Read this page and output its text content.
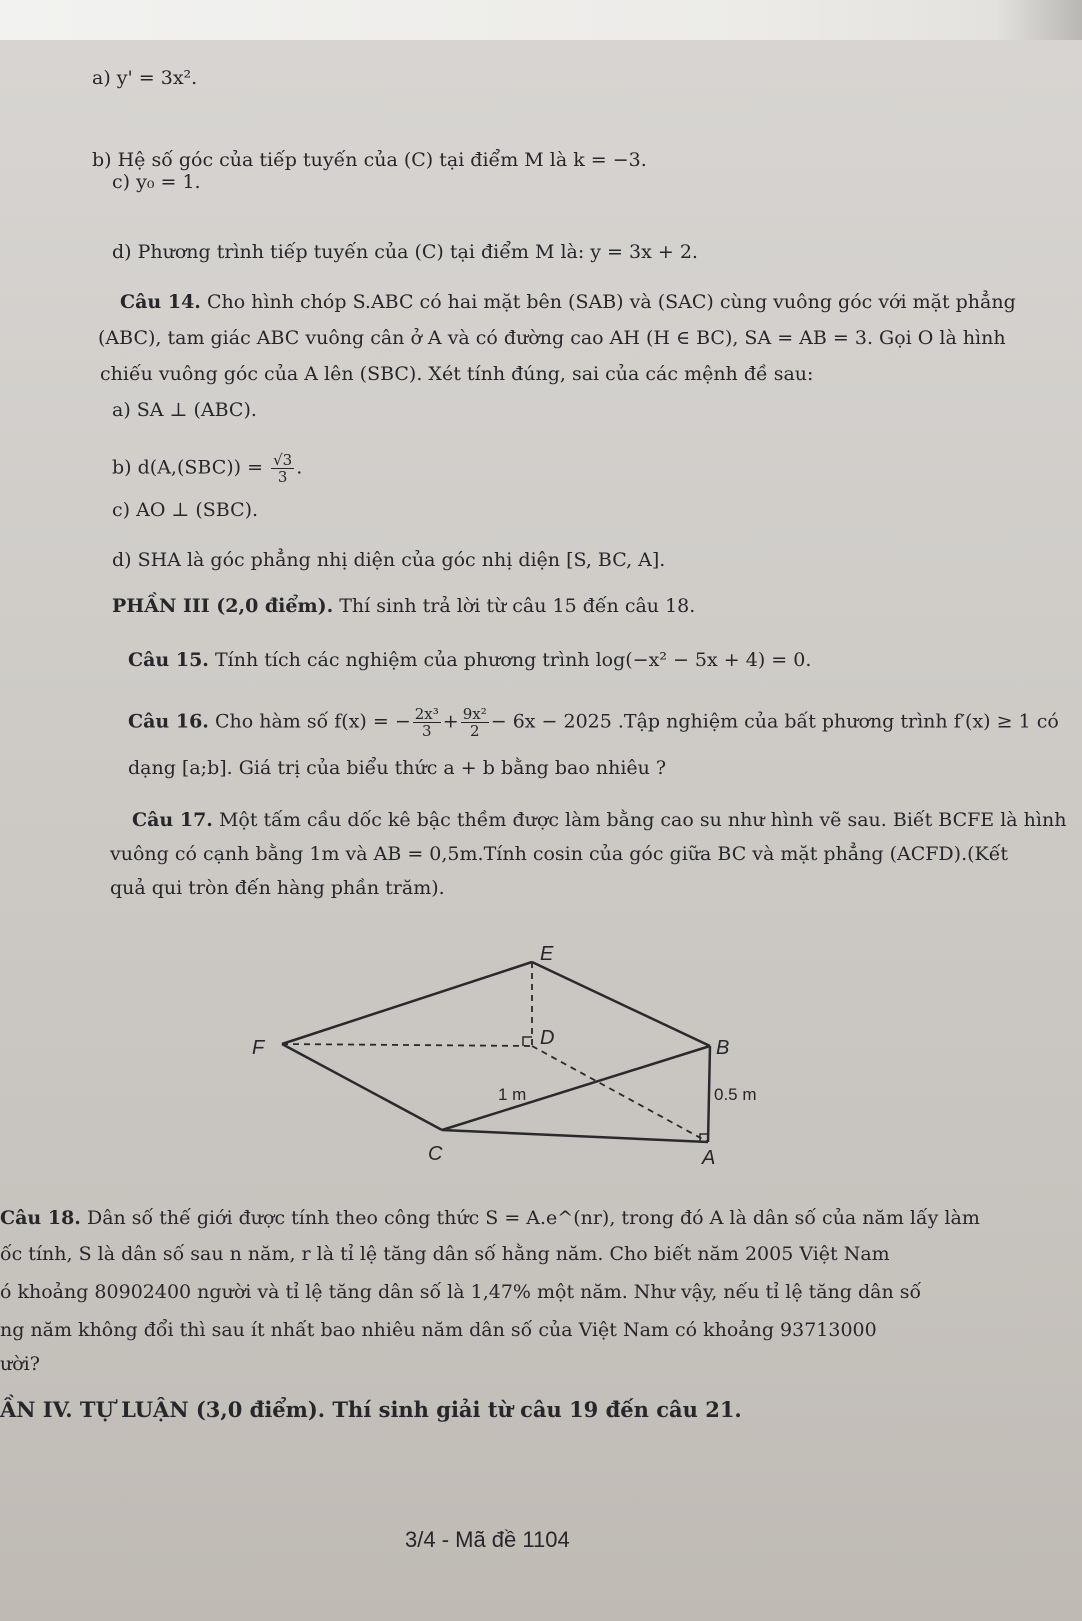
a) y' = 3x².
b) Hệ số góc của tiếp tuyến của (C) tại điểm M là k = −3.
c) y₀ = 1.
d) Phương trình tiếp tuyến của (C) tại điểm M là: y = 3x + 2.
Câu 14. Cho hình chóp S.ABC có hai mặt bên (SAB) và (SAC) cùng vuông góc với mặt phẳng
(ABC), tam giác ABC vuông cân ở A và có đường cao AH (H ∈ BC), SA = AB = 3. Gọi O là hình
chiếu vuông góc của A lên (SBC). Xét tính đúng, sai của các mệnh đề sau:
a) SA ⊥ (ABC).
b) $d(A,(SBC)) = \frac{√3}{3}$ .
c) AO ⊥ (SBC).
d) SHA là góc phẳng nhị diện của góc nhị diện [S, BC, A].
PHẦN III (2,0 điểm). Thí sinh trả lời từ câu 15 đến câu 18.
Câu 15. Tính tích các nghiệm của phương trình log(−x² − 5x + 4) = 0.
Câu 16. Cho hàm số f(x) = − $\frac{\text{2x³}}{3} + \frac{\text{9x²}}{2} - 6x - 2025$ .Tập nghiệm của bất phương trình f′(x) ≥ 1 có
dạng [a;b]. Giá trị của biểu thức a + b bằng bao nhiêu ?
Câu 17. Một tấm cầu dốc kê bậc thềm được làm bằng cao su như hình vẽ sau. Biết BCFE là hình
vuông có cạnh bằng 1m và AB = 0,5m.Tính cosin của góc giữa BC và mặt phẳng (ACFD).(Kết
quả qui tròn đến hàng phần trăm).
E
F	D	B
C	A
1 m	0.5 m
Câu 18. Dân số thế giới được tính theo công thức S = A.e^(nr), trong đó A là dân số của năm lấy làm
ốc tính, S là dân số sau n năm, r là tỉ lệ tăng dân số hằng năm. Cho biết năm 2005 Việt Nam
ó khoảng 80902400 người và tỉ lệ tăng dân số là 1,47% một năm. Như vậy, nếu tỉ lệ tăng dân số
ng năm không đổi thì sau ít nhất bao nhiêu năm dân số của Việt Nam có khoảng 93713000
ười?
ẦN IV. TỰ LUẬN (3,0 điểm). Thí sinh giải từ câu 19 đến câu 21.
3/4 - Mã đề 1104
